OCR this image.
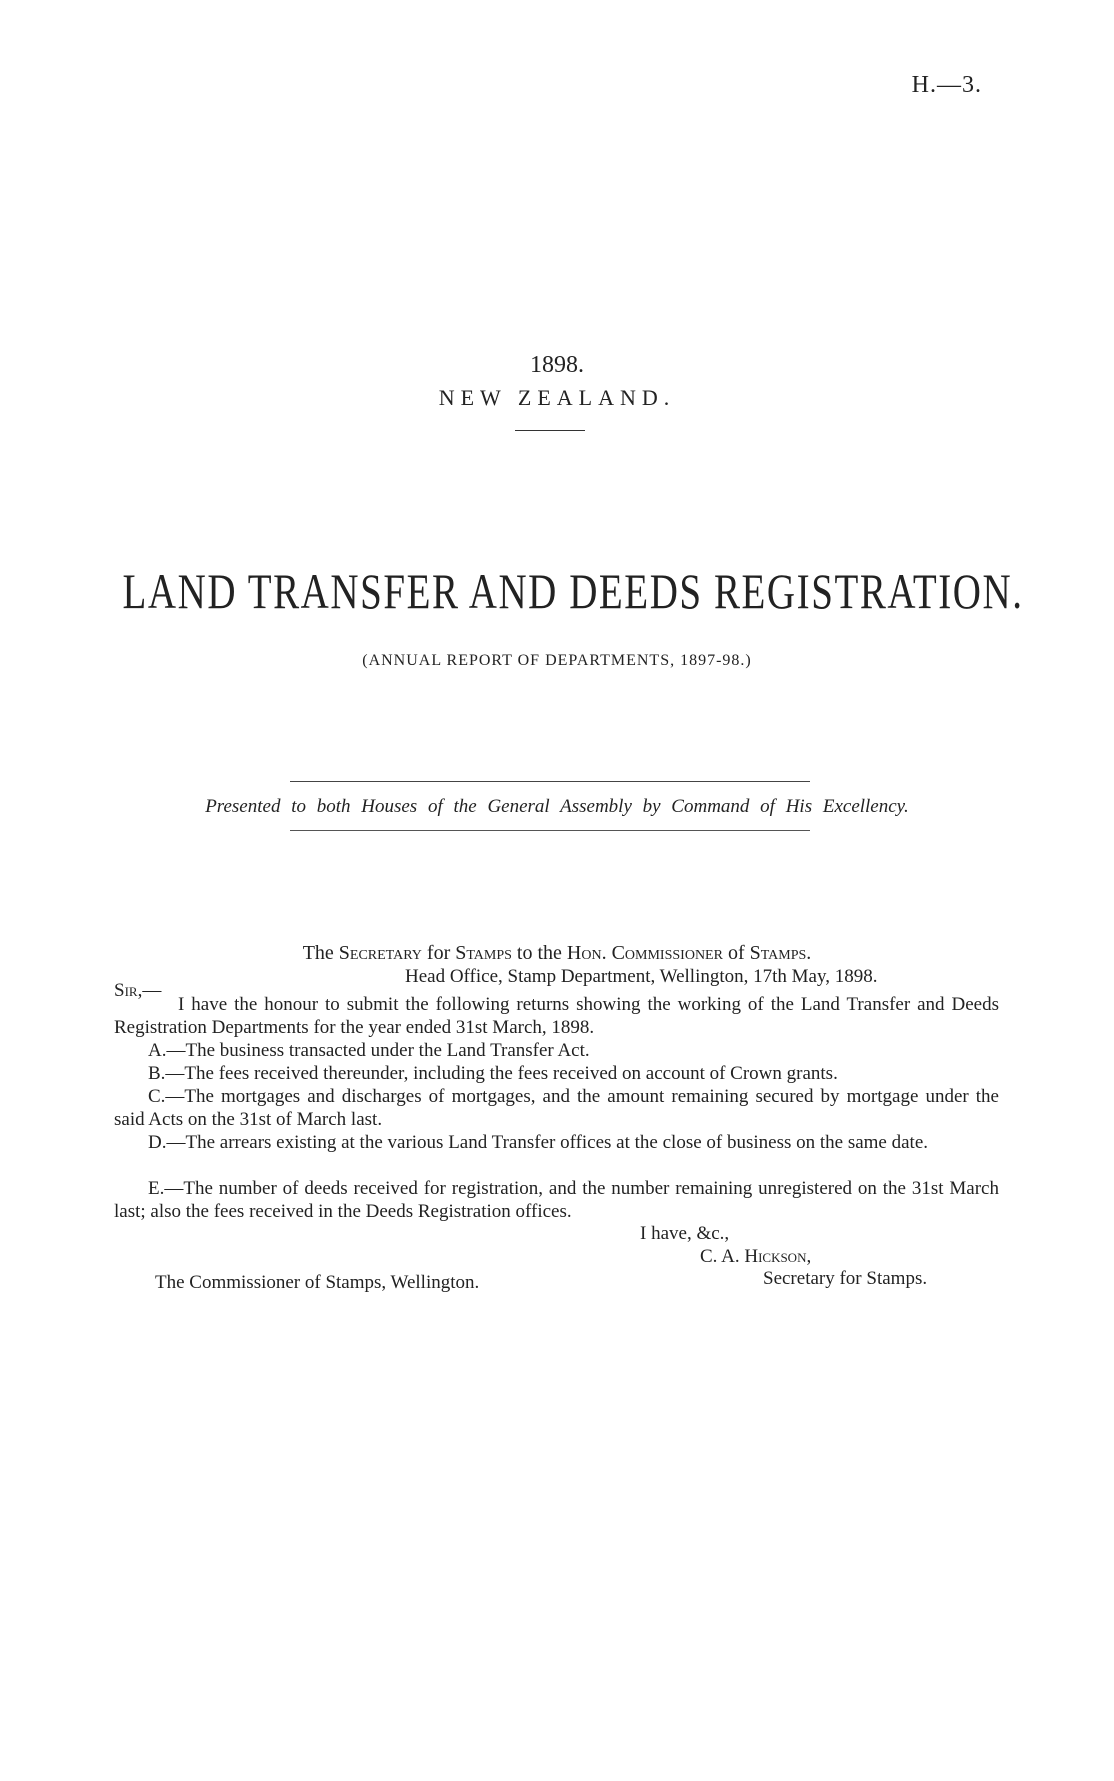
H.—3.
1898.
NEW ZEALAND.
LAND TRANSFER AND DEEDS REGISTRATION.
(ANNUAL REPORT OF DEPARTMENTS, 1897-98.)
Presented to both Houses of the General Assembly by Command of His Excellency.
The Secretary for Stamps to the Hon. Commissioner of Stamps.
Head Office, Stamp Department, Wellington, 17th May, 1898.
Sir,—
I have the honour to submit the following returns showing the working of the Land Transfer and Deeds Registration Departments for the year ended 31st March, 1898.
A.—The business transacted under the Land Transfer Act.
B.—The fees received thereunder, including the fees received on account of Crown grants.
C.—The mortgages and discharges of mortgages, and the amount remaining secured by mortgage under the said Acts on the 31st of March last.
D.—The arrears existing at the various Land Transfer offices at the close of business on the same date.
E.—The number of deeds received for registration, and the number remaining unregistered on the 31st March last; also the fees received in the Deeds Registration offices.
I have, &c.,
C. A. Hickson,
Secretary for Stamps.
The Commissioner of Stamps, Wellington.
